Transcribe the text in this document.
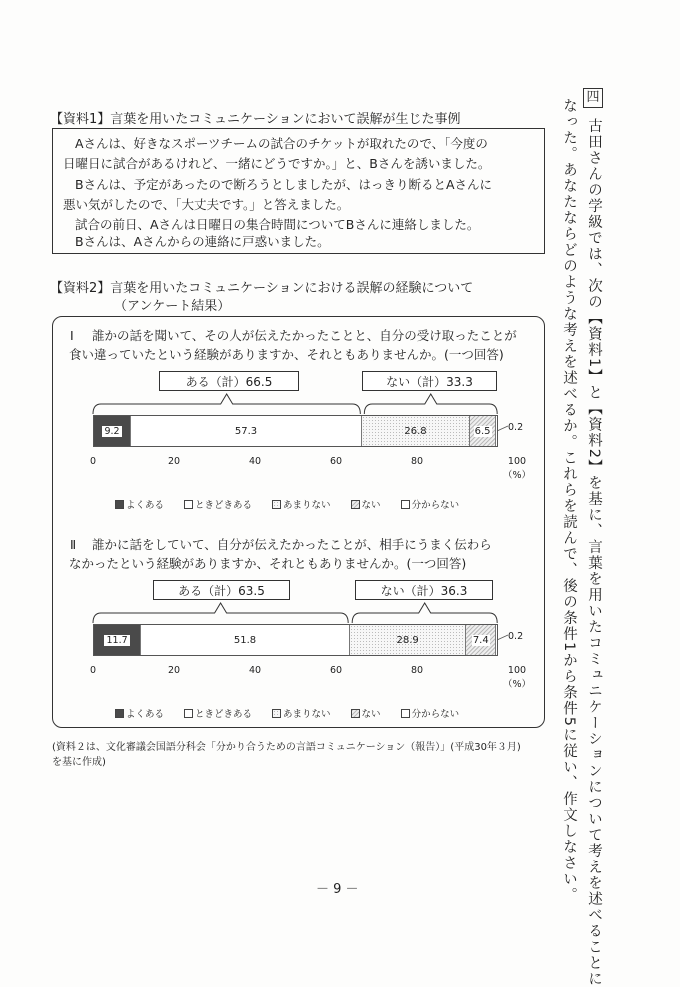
四
古田さんの学級では、次の【資料1】と【資料2】を基に、言葉を用いたコミュニケーションについて考えを述べることに
なった。あなたならどのような考えを述べるか。これらを読んで、後の条件1から条件5に従い、作文しなさい。
【資料1】言葉を用いたコミュニケーションにおいて誤解が生じた事例

Aさんは、好きなスポーツチームの試合のチケットが取れたので、「今度の

日曜日に試合があるけれど、一緒にどうですか。」と、Bさんを誘いました。

Bさんは、予定があったので断ろうとしましたが、はっきり断るとAさんに

悪い気がしたので、「大丈夫です。」と答えました。

試合の前日、Aさんは日曜日の集合時間についてBさんに連絡しました。

Bさんは、Aさんからの連絡に戸惑いました。

【資料2】言葉を用いたコミュニケーションにおける誤解の経験について
（アンケート結果）
Ⅰ 誰かの話を聞いて、その人が伝えたかったことと、自分の受け取ったことが
食い違っていたという経験がありますか、それともありませんか。(一つ回答)
ある（計）66.5	ない（計）33.3
9.2	57.3	26.8	6.5 0.2
0	20	40	60	80	100（%）
よくある	ときどきある	あまりない	ない	分からない
Ⅱ 誰かに話をしていて、自分が伝えたかったことが、相手にうまく伝わら
なかったという経験がありますか、それともありませんか。(一つ回答)
ある（計）63.5	ない（計）36.3
11.7	51.8	28.9	7.4 0.2
0	20	40	60	80	100（%）
よくある	ときどきある	あまりない	ない	分からない
(資料２は、文化審議会国語分科会「分かり合うための言語コミュニケーション（報告）」(平成30年３月)
を基に作成)
－ 9 －
